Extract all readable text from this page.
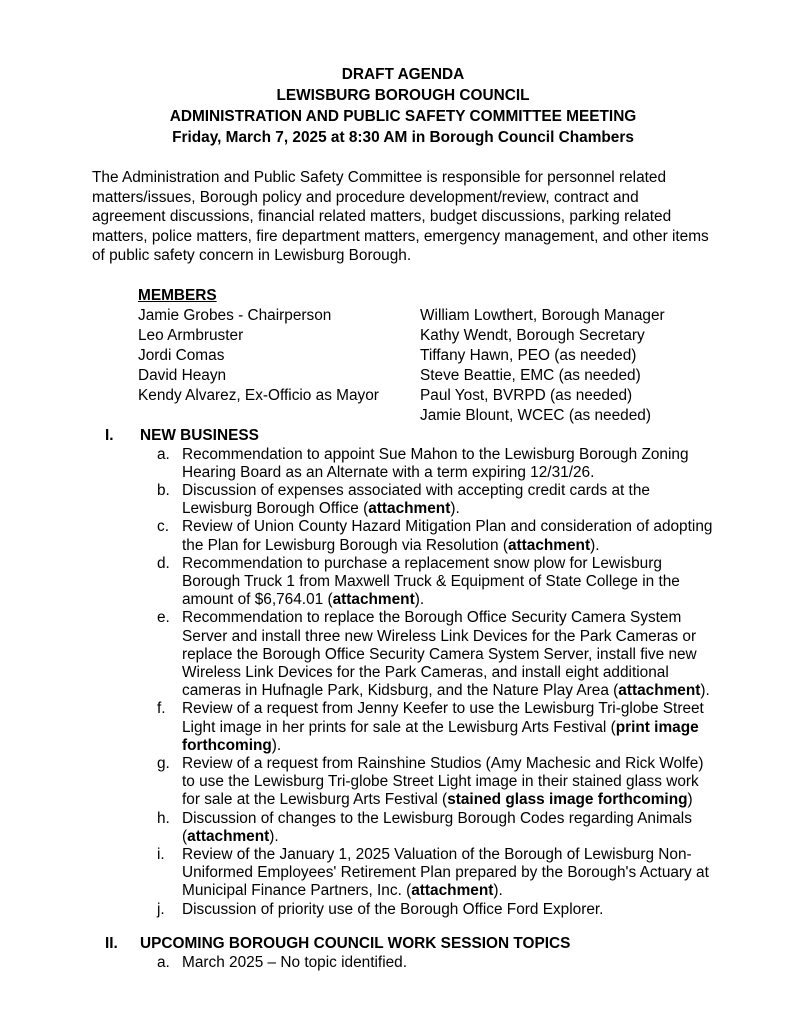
DRAFT AGENDA
LEWISBURG BOROUGH COUNCIL
ADMINISTRATION AND PUBLIC SAFETY COMMITTEE MEETING
Friday, March 7, 2025 at 8:30 AM in Borough Council Chambers

The Administration and Public Safety Committee is responsible for personnel related matters/issues, Borough policy and procedure development/review, contract and agreement discussions, financial related matters, budget discussions, parking related matters, police matters, fire department matters, emergency management, and other items of public safety concern in Lewisburg Borough.

MEMBERS
Jamie Grobes - Chairperson
Leo Armbruster
Jordi Comas
David Heayn
Kendy Alvarez, Ex-Officio as Mayor
William Lowthert, Borough Manager
Kathy Wendt, Borough Secretary
Tiffany Hawn, PEO (as needed)
Steve Beattie, EMC (as needed)
Paul Yost, BVRPD (as needed)
Jamie Blount, WCEC (as needed)
I.	NEW BUSINESS
a. Recommendation to appoint Sue Mahon to the Lewisburg Borough Zoning Hearing Board as an Alternate with a term expiring 12/31/26.
b. Discussion of expenses associated with accepting credit cards at the Lewisburg Borough Office (attachment).
c. Review of Union County Hazard Mitigation Plan and consideration of adopting the Plan for Lewisburg Borough via Resolution (attachment).
d. Recommendation to purchase a replacement snow plow for Lewisburg Borough Truck 1 from Maxwell Truck & Equipment of State College in the amount of $6,764.01 (attachment).
e. Recommendation to replace the Borough Office Security Camera System Server and install three new Wireless Link Devices for the Park Cameras or replace the Borough Office Security Camera System Server, install five new Wireless Link Devices for the Park Cameras, and install eight additional cameras in Hufnagle Park, Kidsburg, and the Nature Play Area (attachment).
f.	Review of a request from Jenny Keefer to use the Lewisburg Tri-globe Street Light image in her prints for sale at the Lewisburg Arts Festival (print image forthcoming).
g. Review of a request from Rainshine Studios (Amy Machesic and Rick Wolfe) to use the Lewisburg Tri-globe Street Light image in their stained glass work for sale at the Lewisburg Arts Festival (stained glass image forthcoming)
h. Discussion of changes to the Lewisburg Borough Codes regarding Animals (attachment).
i.	Review of the January 1, 2025 Valuation of the Borough of Lewisburg Non-Uniformed Employees' Retirement Plan prepared by the Borough's Actuary at Municipal Finance Partners, Inc. (attachment).
j.	Discussion of priority use of the Borough Office Ford Explorer.
II.	UPCOMING BOROUGH COUNCIL WORK SESSION TOPICS
a. March 2025 – No topic identified.
